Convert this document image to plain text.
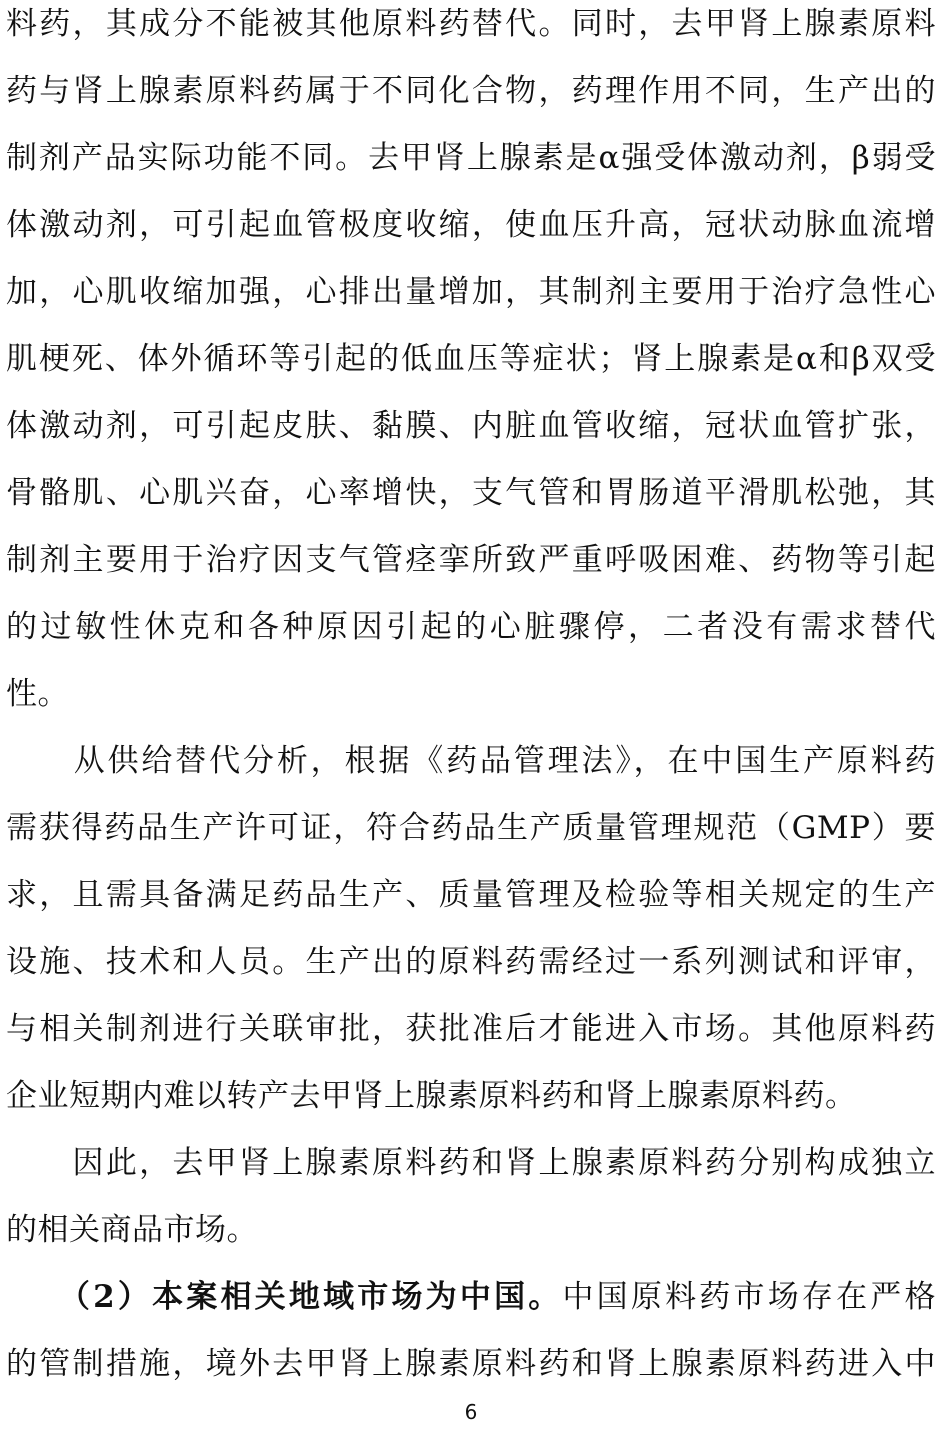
料药，其成分不能被其他原料药替代。同时，去甲肾上腺素原料
药与肾上腺素原料药属于不同化合物，药理作用不同，生产出的
制剂产品实际功能不同。去甲肾上腺素是α强受体激动剂，β弱受
体激动剂，可引起血管极度收缩，使血压升高，冠状动脉血流增
加，心肌收缩加强，心排出量增加，其制剂主要用于治疗急性心
肌梗死、体外循环等引起的低血压等症状；肾上腺素是α和β双受
体激动剂，可引起皮肤、黏膜、内脏血管收缩，冠状血管扩张，
骨骼肌、心肌兴奋，心率增快，支气管和胃肠道平滑肌松弛，其
制剂主要用于治疗因支气管痉挛所致严重呼吸困难、药物等引起
的过敏性休克和各种原因引起的心脏骤停，二者没有需求替代
性。
　　从供给替代分析，根据《药品管理法》，在中国生产原料药
需获得药品生产许可证，符合药品生产质量管理规范（GMP）要
求，且需具备满足药品生产、质量管理及检验等相关规定的生产
设施、技术和人员。生产出的原料药需经过一系列测试和评审，
与相关制剂进行关联审批，获批准后才能进入市场。其他原料药
企业短期内难以转产去甲肾上腺素原料药和肾上腺素原料药。
　　因此，去甲肾上腺素原料药和肾上腺素原料药分别构成独立
的相关商品市场。
　　（2）本案相关地域市场为中国。中国原料药市场存在严格
的管制措施，境外去甲肾上腺素原料药和肾上腺素原料药进入中
6
